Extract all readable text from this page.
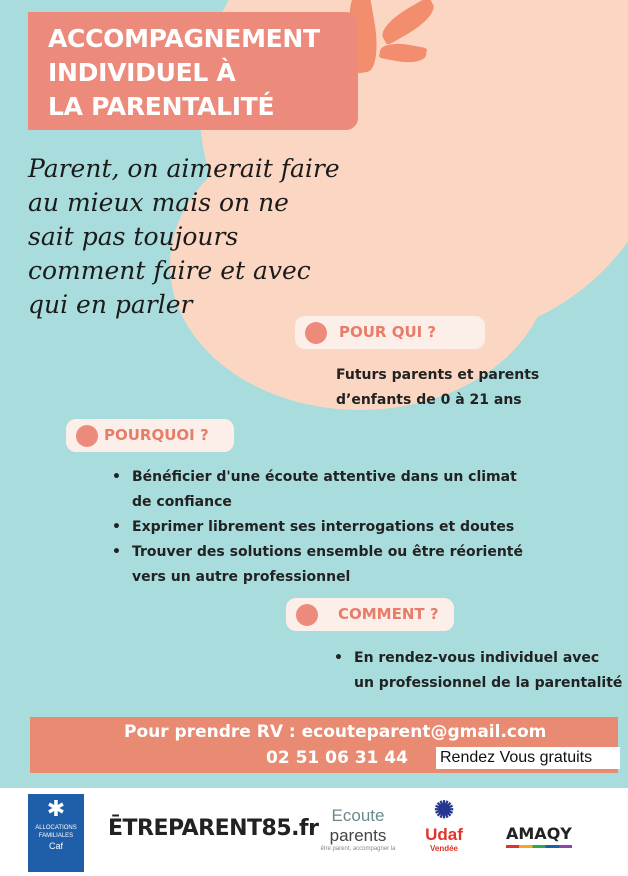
ACCOMPAGNEMENT
INDIVIDUEL À
LA PARENTALITÉ

Parent, on aimerait faire
au mieux mais on ne
sait pas toujours
comment faire et avec
qui en parler

POUR QUI ?
Futurs parents et parents
d’enfants de 0 à 21 ans
POURQUOI ?
• Bénéficier d'une écoute attentive dans un climat
de confiance
• Exprimer librement ses interrogations et doutes
• Trouver des solutions ensemble ou être réorienté
vers un autre professionnel
COMMENT ?
• En rendez-vous individuel avec
un professionnel de la parentalité
Pour prendre RV : ecouteparent@gmail.com
02 51 06 31 44 Rendez Vous gratuits
✱
ALLOCATIONS
FAMILIALES
Caf
ĒTREPARENT85.fr
Ecoute
parents
être parent, accompagner la
✺
Udaf
Vendée
AMAQY
